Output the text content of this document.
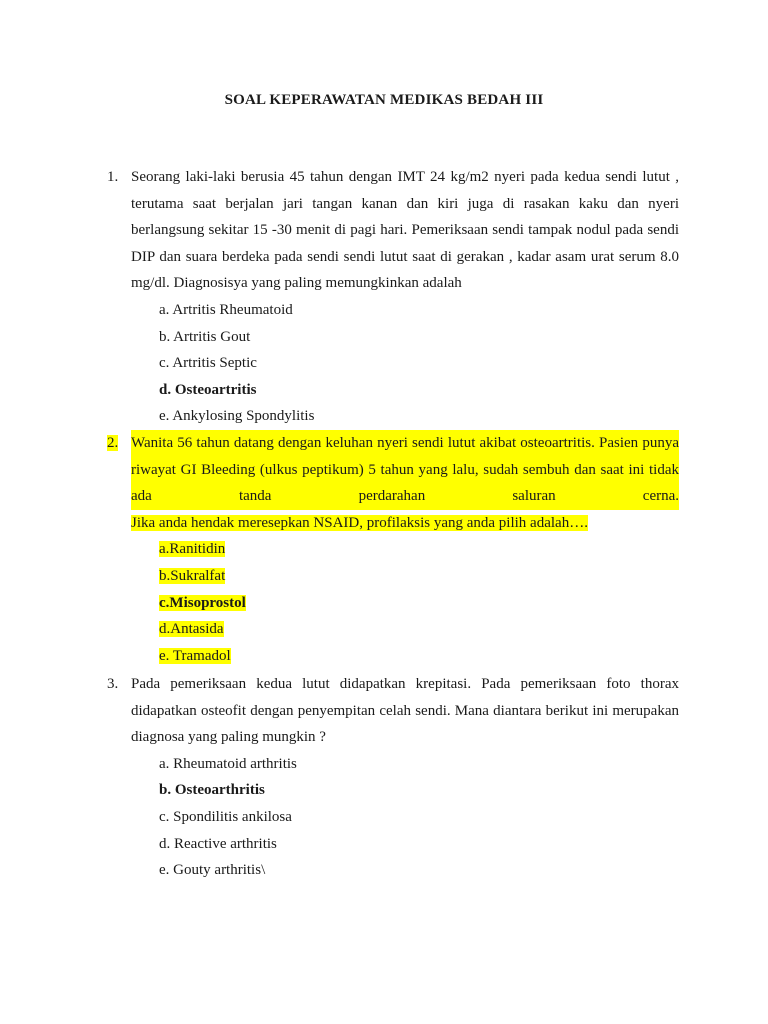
SOAL KEPERAWATAN MEDIKAS BEDAH III
1. Seorang laki-laki berusia 45 tahun dengan IMT 24 kg/m2 nyeri pada kedua sendi lutut ,
terutama saat berjalan jari tangan kanan dan kiri juga di rasakan kaku dan nyeri
berlangsung sekitar 15 -30 menit di pagi hari. Pemeriksaan sendi tampak nodul pada sendi
DIP dan suara berdeka pada sendi sendi lutut saat di gerakan , kadar asam urat serum 8.0
mg/dl. Diagnosisya yang paling memungkinkan adalah
a. Artritis Rheumatoid
b. Artritis Gout
c. Artritis Septic
d. Osteoartritis
e. Ankylosing Spondylitis
2. Wanita 56 tahun datang dengan keluhan nyeri sendi lutut akibat osteoartritis. Pasien punya
riwayat GI Bleeding (ulkus peptikum) 5 tahun yang lalu, sudah sembuh dan saat ini tidak
ada tanda perdarahan saluran cerna.
Jika anda hendak meresepkan NSAID, profilaksis yang anda pilih adalah….
a.Ranitidin
b.Sukralfat
c.Misoprostol
d.Antasida
e. Tramadol
3. Pada pemeriksaan kedua lutut didapatkan krepitasi. Pada pemeriksaan foto thorax
didapatkan osteofit dengan penyempitan celah sendi. Mana diantara berikut ini merupakan
diagnosa yang paling mungkin ?
a. Rheumatoid arthritis
b. Osteoarthritis
c. Spondilitis ankilosa
d. Reactive arthritis
e. Gouty arthritis\
